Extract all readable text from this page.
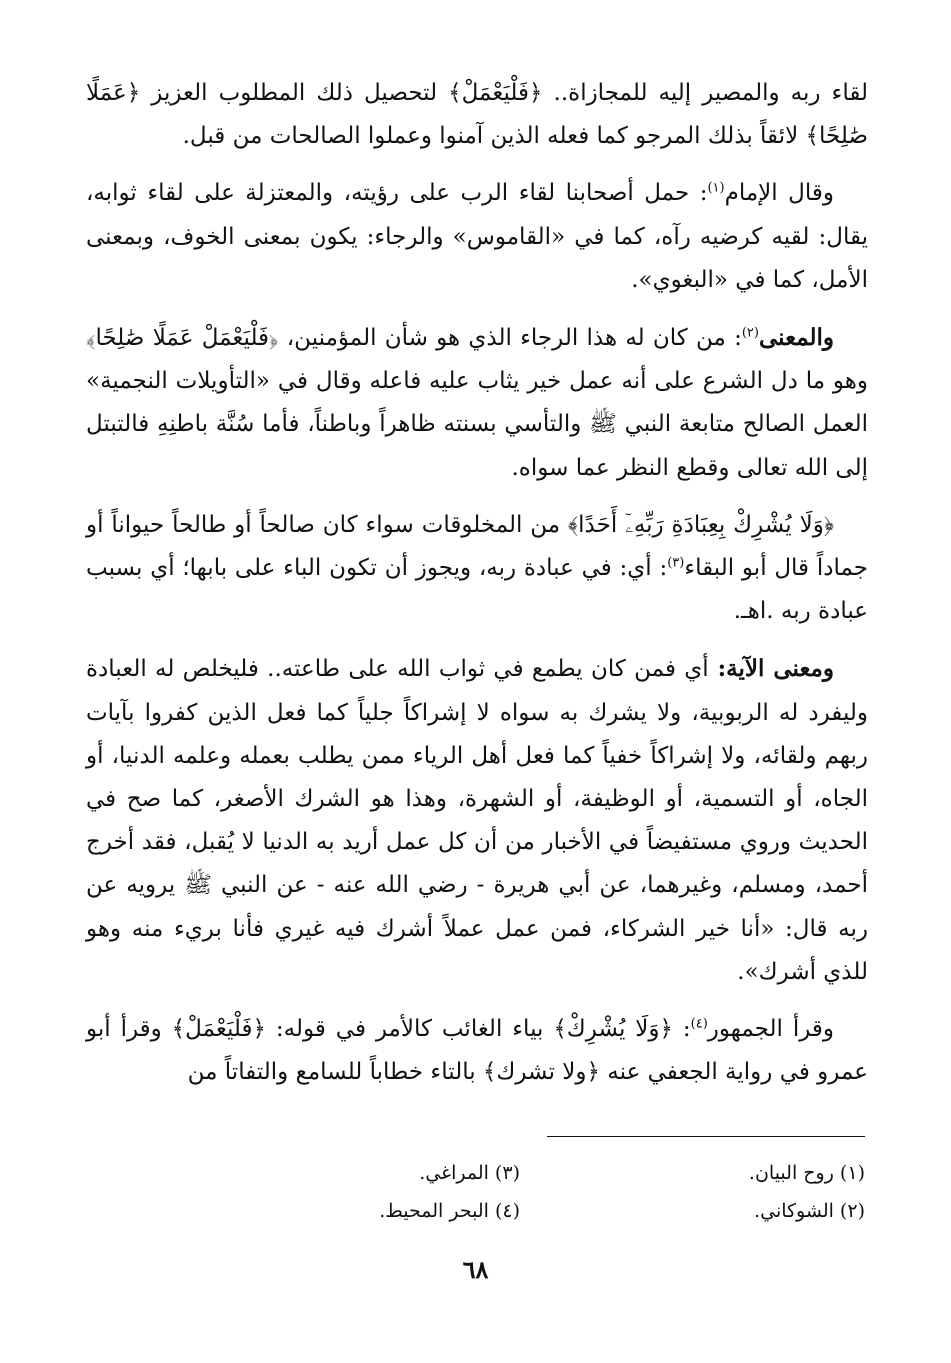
لقاء ربه والمصير إليه للمجازاة.. ﴿فَلْيَعْمَلْ﴾ لتحصيل ذلك المطلوب العزيز ﴿عَمَلًا صَٰلِحًا﴾ لائقاً بذلك المرجو كما فعله الذين آمنوا وعملوا الصالحات من قبل.

وقال الإمام$^{(١)}$: حمل أصحابنا لقاء الرب على رؤيته، والمعتزلة على لقاء ثوابه، يقال: لقيه كرضيه رآه، كما في «القاموس» والرجاء: يكون بمعنى الخوف، وبمعنى الأمل، كما في «البغوي».

والمعنى$^{(٢)}$: من كان له هذا الرجاء الذي هو شأن المؤمنين، ﴿فَلْيَعْمَلْ عَمَلًا صَٰلِحًا﴾ وهو ما دل الشرع على أنه عمل خير يثاب عليه فاعله وقال في «التأويلات النجمية» العمل الصالح متابعة النبي ﷺ والتأسي بسنته ظاهراً وباطناً، فأما سُنَّة باطنِهِ فالتبتل إلى الله تعالى وقطع النظر عما سواه.

﴿وَلَا يُشْرِكْ بِعِبَادَةِ رَبِّهِۦٓ أَحَدًا﴾ من المخلوقات سواء كان صالحاً أو طالحاً حيواناً أو جماداً قال أبو البقاء$^{(٣)}$: أي: في عبادة ربه، ويجوز أن تكون الباء على بابها؛ أي بسبب عبادة ربه .اهـ.

ومعنى الآية: أي فمن كان يطمع في ثواب الله على طاعته.. فليخلص له العبادة وليفرد له الربوبية، ولا يشرك به سواه لا إشراكاً جلياً كما فعل الذين كفروا بآيات ربهم ولقائه، ولا إشراكاً خفياً كما فعل أهل الرياء ممن يطلب بعمله وعلمه الدنيا، أو الجاه، أو التسمية، أو الوظيفة، أو الشهرة، وهذا هو الشرك الأصغر، كما صح في الحديث وروي مستفيضاً في الأخبار من أن كل عمل أريد به الدنيا لا يُقبل، فقد أخرج أحمد، ومسلم، وغيرهما، عن أبي هريرة - رضي الله عنه - عن النبي ﷺ يرويه عن ربه قال: «أنا خير الشركاء، فمن عمل عملاً أشرك فيه غيري فأنا بريء منه وهو للذي أشرك».

وقرأ الجمهور$^{(٤)}$: ﴿وَلَا يُشْرِكْ﴾ بياء الغائب كالأمر في قوله: ﴿فَلْيَعْمَلْ﴾ وقرأ أبو عمرو في رواية الجعفي عنه ﴿ولا تشرك﴾ بالتاء خطاباً للسامع والتفاتاً من

(١) روح البيان.
(٢) الشوكاني.
(٣) المراغي.
(٤) البحر المحيط.
٦٨
